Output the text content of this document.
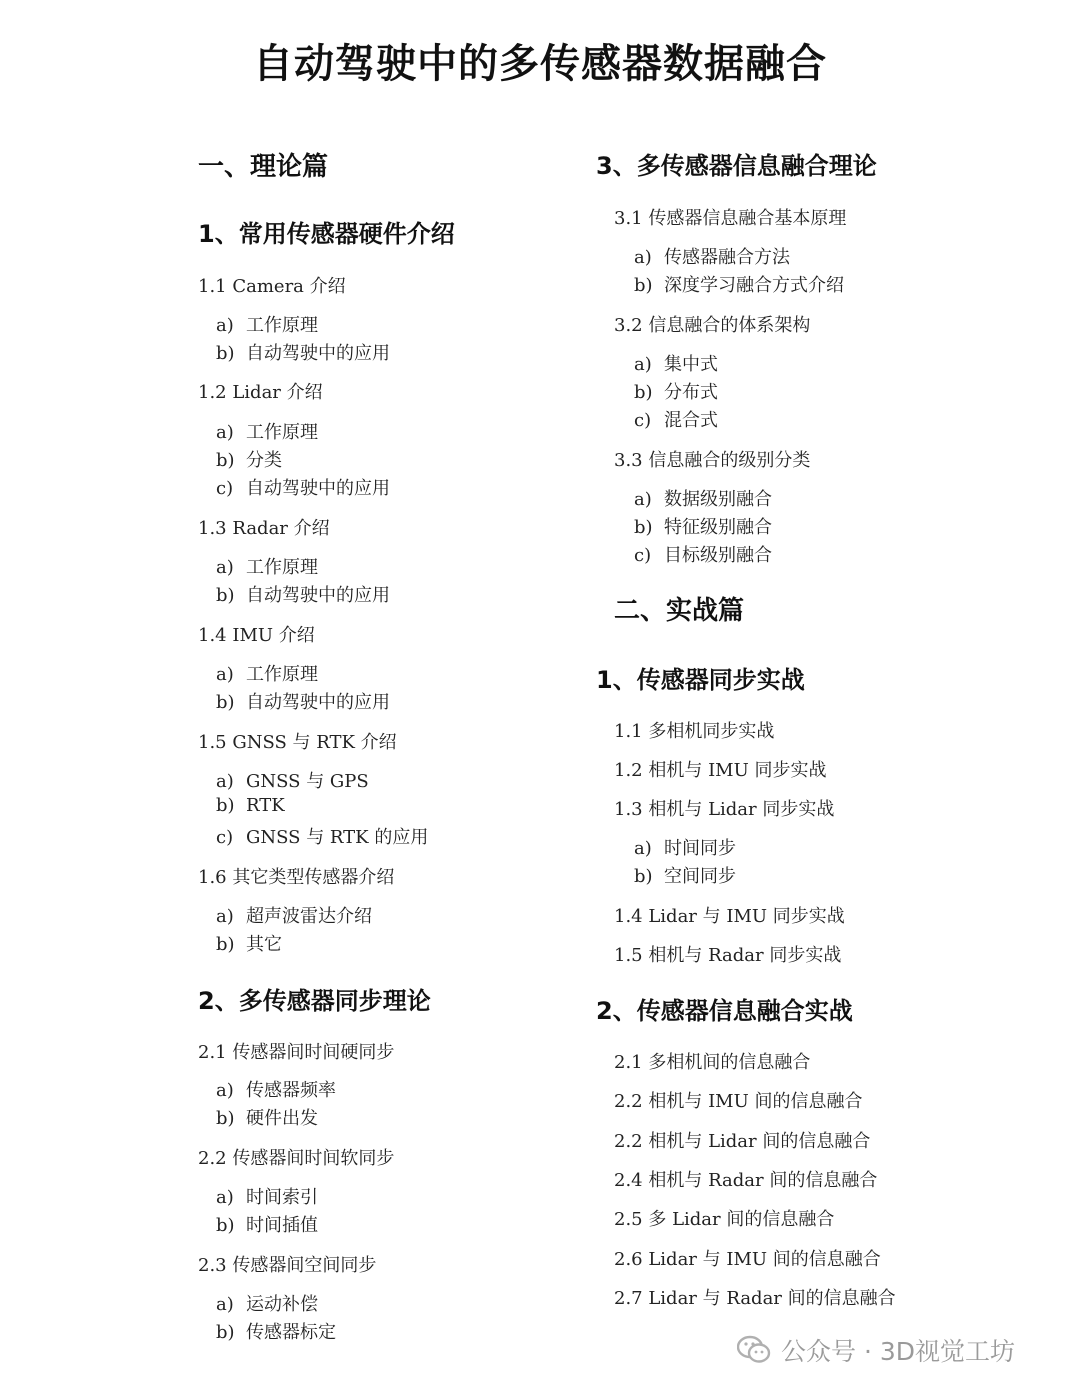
自动驾驶中的多传感器数据融合
一、理论篇
1、常用传感器硬件介绍
1.1 Camera 介绍
a) 工作原理
b) 自动驾驶中的应用
1.2 Lidar 介绍
a) 工作原理
b) 分类
c) 自动驾驶中的应用
1.3 Radar 介绍
a) 工作原理
b) 自动驾驶中的应用
1.4 IMU 介绍
a) 工作原理
b) 自动驾驶中的应用
1.5 GNSS 与 RTK 介绍
a) GNSS 与 GPS
b) RTK
c) GNSS 与 RTK 的应用
1.6 其它类型传感器介绍
a) 超声波雷达介绍
b) 其它
2、多传感器同步理论
2.1 传感器间时间硬同步
a) 传感器频率
b) 硬件出发
2.2 传感器间时间软同步
a) 时间索引
b) 时间插值
2.3 传感器间空间同步
a) 运动补偿
b) 传感器标定
3、多传感器信息融合理论
3.1 传感器信息融合基本原理
a) 传感器融合方法
b) 深度学习融合方式介绍
3.2 信息融合的体系架构
a) 集中式
b) 分布式
c) 混合式
3.3 信息融合的级别分类
a) 数据级别融合
b) 特征级别融合
c) 目标级别融合
二、实战篇
1、传感器同步实战
1.1 多相机同步实战
1.2 相机与 IMU 同步实战
1.3 相机与 Lidar 同步实战
a) 时间同步
b) 空间同步
1.4 Lidar 与 IMU 同步实战
1.5 相机与 Radar 同步实战
2、传感器信息融合实战
2.1 多相机间的信息融合
2.2 相机与 IMU 间的信息融合
2.2 相机与 Lidar 间的信息融合
2.4 相机与 Radar 间的信息融合
2.5 多 Lidar 间的信息融合
2.6 Lidar 与 IMU 间的信息融合
2.7 Lidar 与 Radar 间的信息融合
公众号 · 3D视觉工坊
